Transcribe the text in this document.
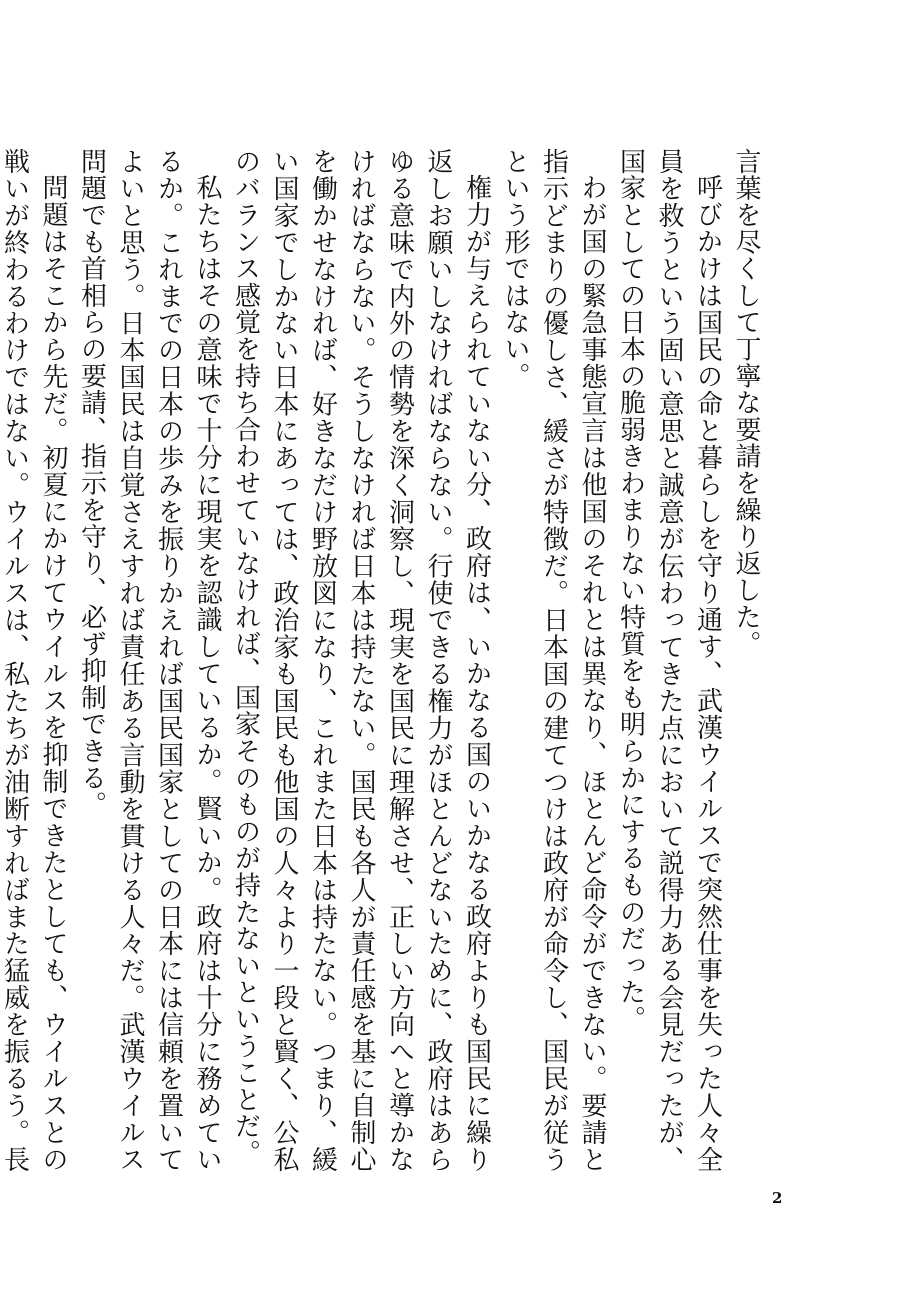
言葉を尽くして丁寧な要請を繰り返した。

呼びかけは国民の命と暮らしを守り通す、武漢ウイルスで突然仕事を失った人々全員を救うという固い意思と誠意が伝わってきた点において説得力ある会見だったが、国家としての日本の脆弱きわまりない特質をも明らかにするものだった。

わが国の緊急事態宣言は他国のそれとは異なり、ほとんど命令ができない。要請と指示どまりの優しさ、緩さが特徴だ。日本国の建てつけは政府が命令し、国民が従うという形ではない。

権力が与えられていない分、政府は、いかなる国のいかなる政府よりも国民に繰り返しお願いしなければならない。行使できる権力がほとんどないために、政府はあらゆる意味で内外の情勢を深く洞察し、現実を国民に理解させ、正しい方向へと導かなければならない。そうしなければ日本は持たない。国民も各人が責任感を基に自制心を働かせなければ、好きなだけ野放図になり、これまた日本は持たない。つまり、緩い国家でしかない日本にあっては、政治家も国民も他国の人々より一段と賢く、公私のバランス感覚を持ち合わせていなければ、国家そのものが持たないということだ。

私たちはその意味で十分に現実を認識しているか。賢いか。政府は十分に務めているか。これまでの日本の歩みを振りかえれば国民国家としての日本には信頼を置いてよいと思う。日本国民は自覚さえすれば責任ある言動を貫ける人々だ。武漢ウイルス問題でも首相らの要請、指示を守り、必ず抑制できる。

問題はそこから先だ。初夏にかけてウイルスを抑制できたとしても、ウイルスとの戦いが終わるわけではない。ウイルスは、私たちが油断すればまた猛威を振るう。長

2
